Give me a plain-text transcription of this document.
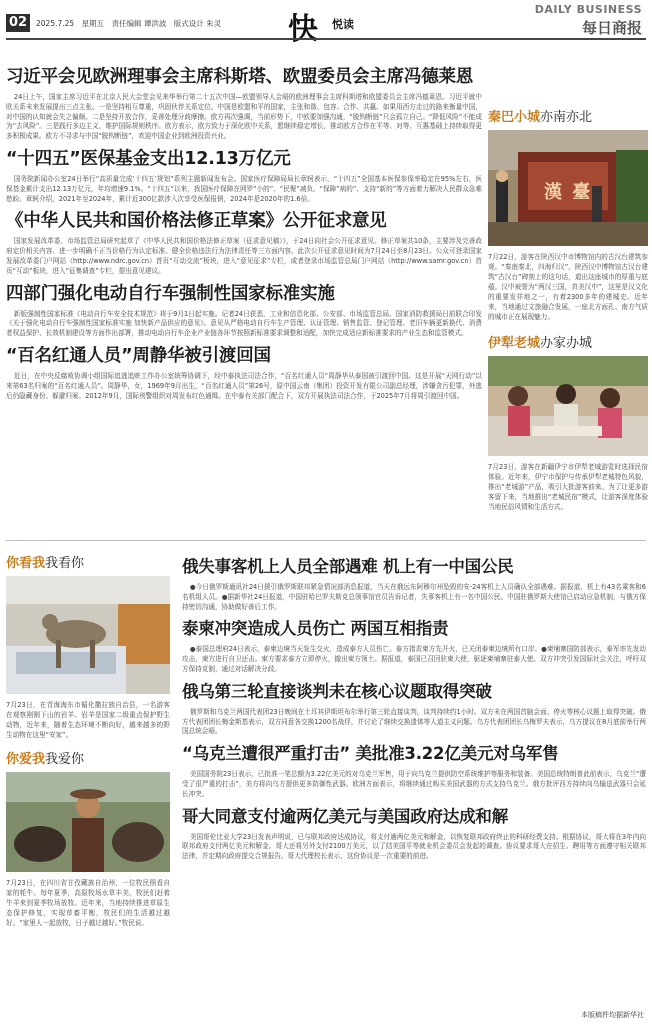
02	2025.7.25 星期五 责任编辑 谭洪波 版式设计 朱灵 快 悦读
DAILY BUSINESS
每日商报
习近平会见欧洲理事会主席科斯塔、欧盟委员会主席冯德莱恩

24日上午，国家主席习近平在北京人民大会堂会见来华举行第二十五次中国—欧盟领导人会晤的欧洲理事会主席科斯塔和欧盟委员会主席冯德莱恩。习近平就中欧关系未来发展提出三点主张。一是坚持相互尊重，巩固伙伴关系定位。中国是欧盟和平的国家，主张和谐、包容、合作、共赢。如果用西方走过的路来衡量中国，对中国的认知就会失之偏颇。二是坚持开放合作，妥善处理分歧摩擦。欧方再次强调，当前形势下，中欧要加强沟通，“脱钩断链”只会孤立自己。“降低风险”不能成为“去风险”。三是践行多边主义，维护国际规则秩序。欧方表示，欧方致力于深化欧中关系，愿继续稳定增长，推动欧方合作在平等、对等、互惠基础上持续取得更多积极成果。欧方不寻求与中国“脱钩断链”，欢迎中国企业到欧洲投资兴业。

“十四五”医保基金支出12.13万亿元

国务院新闻办公室24日举行“高质量完成‘十四五’规划”系列主题新闻发布会。国家医疗保障局局长章轲表示，“十四五”全国基本医保参保率稳定在95%左右，医保基金累计支出12.13万亿元，年均增速9.1%。“十四五”以来，我国医疗保障在网罗“小的”、“民聚”减负、“保障”病的”、支持“新的”等方面着力解决人民群众急难愁盼。章轲介绍，2021年至2024年，累计近300亿款涉入次享受医保报销，2024年是2020年的1.6倍。

《中华人民共和国价格法修正草案》公开征求意见

国家发展改革委、市场监管总局研究起草了《中华人民共和国价格法修正草案（征求意见稿）》，于24日向社会公开征求意见。修正草案共10条，主要涉及完善政府定价相关内容、进一步明确不正当价格行为认定标准、健全价格违法行为法律责任等三方面内容。此次公开征求意见时间为7月24日至8月23日。公众可登录国家发展改革委门户网站（http://www.ndrc.gov.cn）首页“互动交流”板块，进入“意见征求”专栏，或者登录市场监管总局门户网站（http://www.samr.gov.cn）首页“互动”板块，进入“征集调查”专栏，提出意见建议。

四部门强化电动自行车强制性国家标准实施

新版强制性国家标准《电动自行车安全技术规范》将于9月1日起实施。记者24日获悉，工业和信息化部、公安部、市场监管总局、国家消防救援局日前联合印发《关于强化电动自行车强制性国家标准实施 加快新产品供应的意见》。意见从严格电动自行车生产管理、认证管理、销售监管、登记管理、老旧车辆更新换代、消费者权益保护、长效机制建设等方面作出部署，推动电动自行车企业产业链各环节按照新标准要求调整和适配，加快完成适应新标准要求的产业生态和监管模式。

“百名红通人员”周静华被引渡回国

近日，在中央反腐败协调小组国际追逃追赃工作办公室统筹协调下，经中泰执法司法合作，“百名红通人员”周静华从泰国被引渡回中国。这是开展“天网行动”以来第63名归案的“百名红通人员”。周静华，女，1969年9月出生，“百名红通人员”第26号，原中国云南（集团）投资开发有限公司副总经理，涉嫌贪污犯罪，外逃后仍隐藏身份、躲避归案。2012年9月，国际刑警组织对周发布红色通缉。在中泰有关部门配合下，双方开展执法司法合作，于2025年7月将周引渡回中国。

秦巴小城亦南亦北
漢 臺

7月22日，游客在陕西汉中市博物馆内的古汉台建筑参观。“秦南秦北，四海归汉”，陕西汉中博物馆古汉台建筑“古汉台”碑刻上的这句话，道出这座城市的厚重与底蕴。汉中被誉为“两汉三国，真美汉中”，这里是汉文化的重要发祥地之一，有着2300多年的建城史。近年来，当地通过文旅融合发展，一座北方面孔、南方气质的城市正在展现魅力。

伊犁老城办家办城

7月23日，游客在新疆伊宁市伊犁老城游览时选择民宿体验。近年来，伊宁市保护与传承伊犁老城特色风貌，推出“老城游”产品，吸引大批游客前来。为了让更多游客留下来，当地推出“老城民宿”模式，让游客深度体验当地民俗风情和生活方式。

你看我我看你

7月23日，在青海海东市循化撒拉族自治县，一名游客在观察刚刚下山的岩羊。岩羊是国家二级重点保护野生动物，近年来，随着生态环境不断向好，越来越多的野生动物在这里“安家”。

你爱我我爱你

7月23日，在四川省甘孜藏族自治州，一位牧民照看自家的牦牛。每年夏季，高原牧场水草丰美，牧民们赶着牛羊来到夏季牧场放牧。近年来，当地持续推进草原生态保护修复，实现草畜平衡，牧民们的生活越过越好。“家里人一起放牧，日子越过越好。”牧民说。

俄失事客机上人员全部遇难 机上有一中国公民

●今日俄罗斯通讯社24日援引俄罗斯联邦紧急情况部消息报道，当天在俄远东阿穆尔州坠毁的安-24客机上人员确认全部遇难。据报道，机上有43名乘客和6名机组人员。●据新华社24日报道，中国驻哈巴罗夫斯克总领事馆官员告诉记者，失事客机上有一名中国公民。中国驻俄罗斯大使馆已启动应急机制，与俄方保持密切沟通，协助做好善后工作。

泰柬冲突造成人员伤亡 两国互相指责

●泰国总理府24日表示，泰柬边境当天发生交火，造成泰方人员伤亡。泰方指责柬方先开火，已关闭泰柬边境所有口岸。●柬埔寨国防部表示，泰军率先发动攻击，柬方进行自卫还击。柬方要求泰方立即停火，撤出柬方领土。据报道，泰国已召回驻柬大使，驱逐柬埔寨驻泰大使。双方冲突引发国际社会关注，呼吁双方保持克制，通过对话解决分歧。

俄乌第三轮直接谈判未在核心议题取得突破

俄罗斯和乌克兰两国代表团23日晚间在土耳其伊斯坦布尔举行第三轮直接谈判，谈判持续约1小时。双方未在两国首脑会面、停火等核心议题上取得突破。俄方代表团团长梅金斯基表示，双方同意各交换1200名战俘，并讨论了继续交换遗体等人道主义问题。乌方代表团团长乌梅罗夫表示，乌方提议在8月底前举行两国总统会晤。

“乌克兰遭很严重打击” 美批准3.22亿美元对乌军售

美国国务院23日表示，已批准一笔总额为3.22亿美元的对乌克兰军售，用于向乌克兰提供防空系统维护等服务和装备。美国总统特朗普此前表示，乌克兰“遭受了很严重的打击”，美方将向乌方提供更多防御性武器。欧洲方面表示，将继续通过购买美国武器的方式支持乌克兰。俄方批评西方持续向乌输送武器只会延长冲突。

哥大同意支付逾两亿美元与美国政府达成和解

美国哥伦比亚大学23日发表声明说，已与联邦政府达成协议，将支付逾两亿美元和解金，以恢复联邦政府终止的科研经费支持。根据协议，哥大将在3年内向联邦政府支付两亿美元和解金。哥大还将另外支付2100万美元，以了结美国平等就业机会委员会发起的调查。协议要求哥大在招生、聘用等方面遵守相关联邦法律，并定期向政府提交合规报告。哥大代理校长表示，这份协议是一次重要的前进。

本版稿件均据新华社
